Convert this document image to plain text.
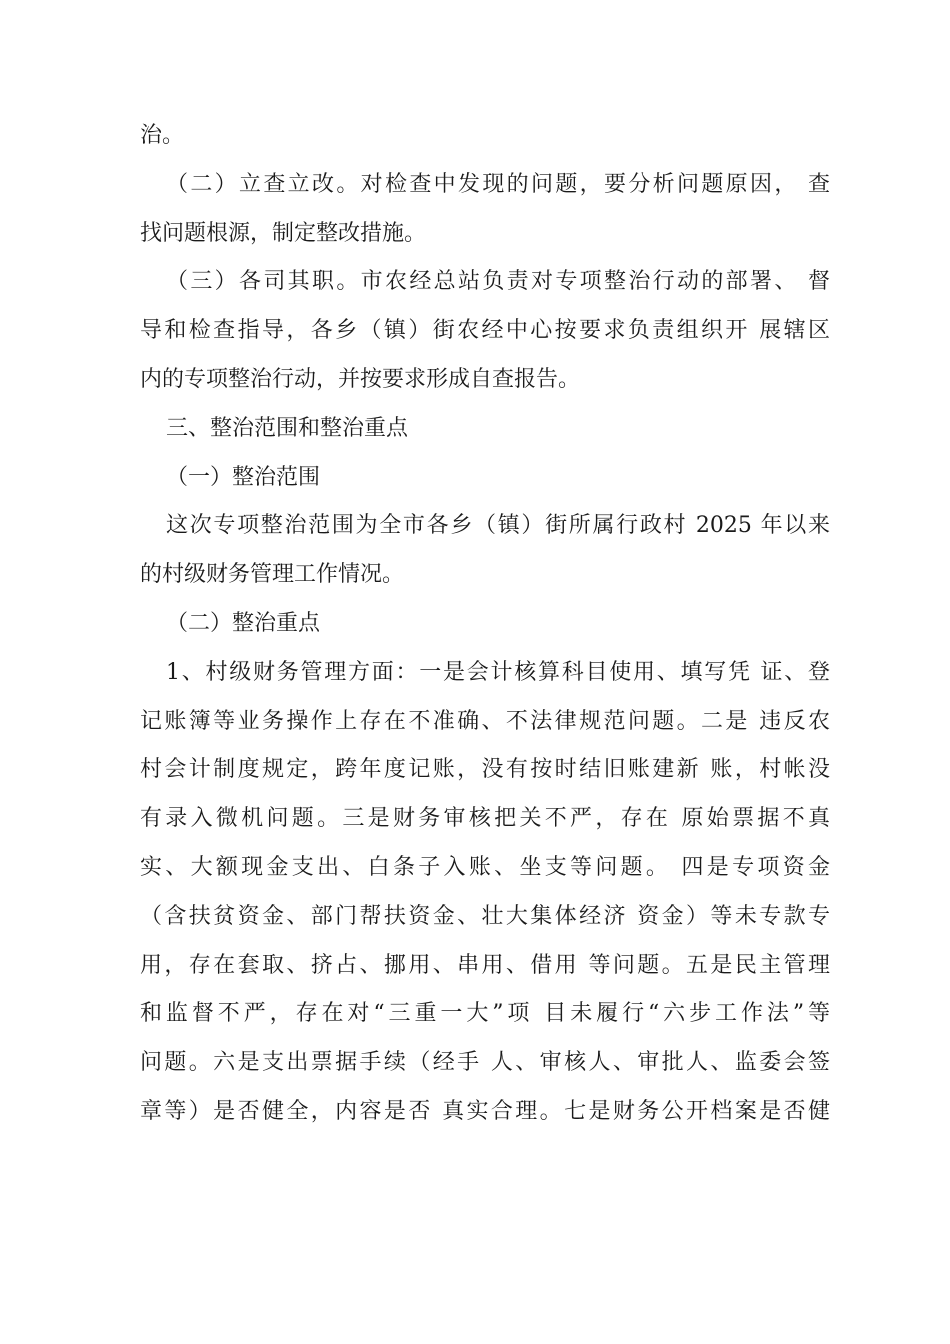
治。
（二）立查立改。对检查中发现的问题，要分析问题原因， 查
找问题根源，制定整改措施。
（三）各司其职。市农经总站负责对专项整治行动的部署、 督
导和检查指导，各乡（镇）街农经中心按要求负责组织开 展辖区
内的专项整治行动，并按要求形成自查报告。
三、整治范围和整治重点
（一）整治范围
这次专项整治范围为全市各乡（镇）街所属行政村 2025 年以来
的村级财务管理工作情况。
（二）整治重点
1、村级财务管理方面：一是会计核算科目使用、填写凭 证、登
记账簿等业务操作上存在不准确、不法律规范问题。二是 违反农
村会计制度规定，跨年度记账，没有按时结旧账建新 账，村帐没
有录入微机问题。三是财务审核把关不严，存在 原始票据不真
实、大额现金支出、白条子入账、坐支等问题。 四是专项资金
（含扶贫资金、部门帮扶资金、壮大集体经济 资金）等未专款专
用，存在套取、挤占、挪用、串用、借用 等问题。五是民主管理
和监督不严，存在对“三重一大”项 目未履行“六步工作法”等
问题。六是支出票据手续（经手 人、审核人、审批人、监委会签
章等）是否健全，内容是否 真实合理。七是财务公开档案是否健
